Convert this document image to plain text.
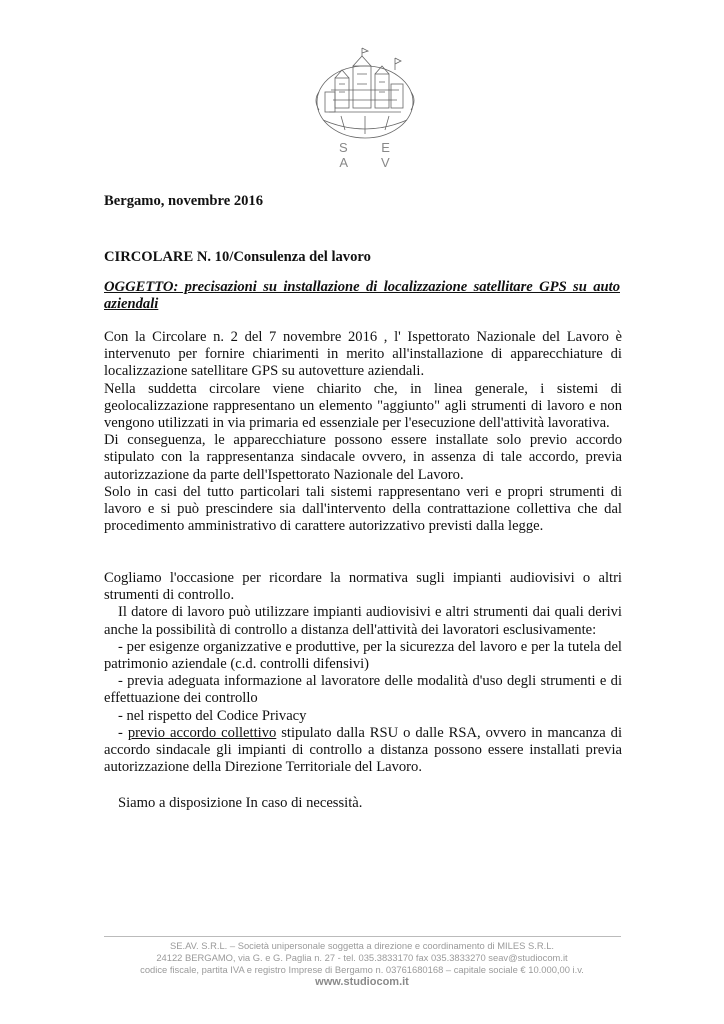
S E A V
Bergamo, novembre 2016
CIRCOLARE N. 10/Consulenza del lavoro
OGGETTO: precisazioni su installazione di localizzazione satellitare GPS su auto aziendali
Con la Circolare n. 2 del 7 novembre 2016 , l' Ispettorato Nazionale del Lavoro è intervenuto per fornire chiarimenti in merito all'installazione di apparecchiature di localizzazione satellitare GPS su autovetture aziendali.
Nella suddetta circolare viene chiarito che, in linea generale, i sistemi di geolocalizzazione rappresentano un elemento "aggiunto" agli strumenti di lavoro e non vengono utilizzati in via primaria ed essenziale per l'esecuzione dell'attività lavorativa.
Di conseguenza, le apparecchiature possono essere installate solo previo accordo stipulato con la rappresentanza sindacale ovvero, in assenza di tale accordo, previa autorizzazione da parte dell'Ispettorato Nazionale del Lavoro.
Solo in casi del tutto particolari tali sistemi rappresentano veri e propri strumenti di lavoro e si può prescindere sia dall'intervento della contrattazione collettiva che dal procedimento amministrativo di carattere autorizzativo previsti dalla legge.
Cogliamo l'occasione per ricordare la normativa sugli impianti audiovisivi o altri strumenti di controllo.
Il datore di lavoro può utilizzare impianti audiovisivi e altri strumenti dai quali derivi anche la possibilità di controllo a distanza dell'attività dei lavoratori esclusivamente:
- per esigenze organizzative e produttive, per la sicurezza del lavoro e per la tutela del patrimonio aziendale (c.d. controlli difensivi)
- previa adeguata informazione al lavoratore delle modalità d'uso degli strumenti e di effettuazione dei controllo
- nel rispetto del Codice Privacy
- previo accordo collettivo stipulato dalla RSU o dalle RSA, ovvero in mancanza di accordo sindacale gli impianti di controllo a distanza possono essere installati previa autorizzazione della Direzione Territoriale del Lavoro.
Siamo a disposizione In caso di necessità.
SE.AV. S.R.L. – Società unipersonale soggetta a direzione e coordinamento di MILES S.R.L.
24122 BERGAMO, via G. e G. Paglia n. 27 - tel. 035.3833170 fax 035.3833270 seav@studiocom.it
codice fiscale, partita IVA e registro Imprese di Bergamo n. 03761680168 – capitale sociale € 10.000,00 i.v.
www.studiocom.it
